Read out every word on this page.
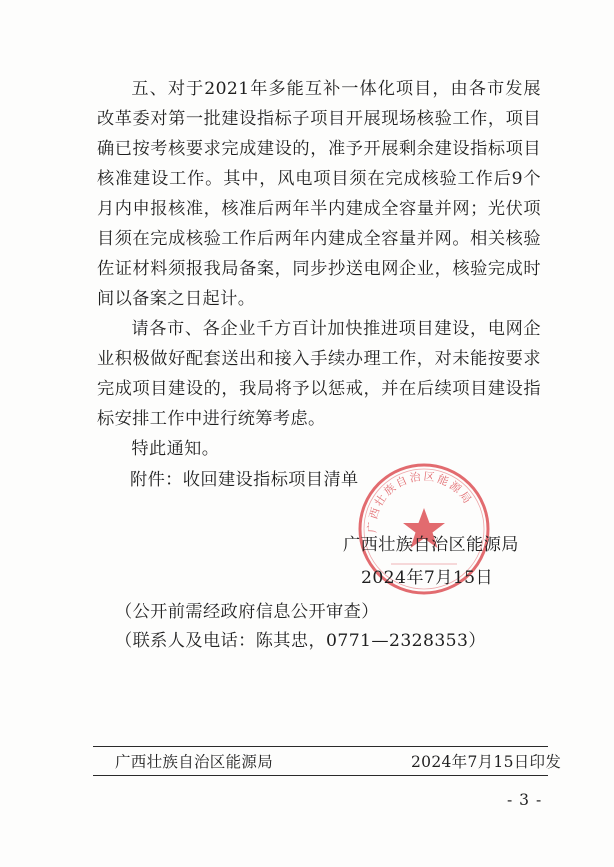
五、对于2021年多能互补一体化项目，由各市发展改革委对第一批建设指标子项目开展现场核验工作，项目确已按考核要求完成建设的，准予开展剩余建设指标项目核准建设工作。其中，风电项目须在完成核验工作后9个月内申报核准，核准后两年半内建成全容量并网；光伏项目须在完成核验工作后两年内建成全容量并网。相关核验佐证材料须报我局备案，同步抄送电网企业，核验完成时间以备案之日起计。

请各市、各企业千方百计加快推进项目建设，电网企业积极做好配套送出和接入手续办理工作，对未能按要求完成项目建设的，我局将予以惩戒，并在后续项目建设指标安排工作中进行统筹考虑。

特此通知。

附件：收回建设指标项目清单
广西壮族自治区能源局
广西壮族自治区能源局
2024年7月15日
（公开前需经政府信息公开审查）
（联系人及电话：陈其忠，0771—2328353）
广西壮族自治区能源局	2024年7月15日印发
- 3 -
